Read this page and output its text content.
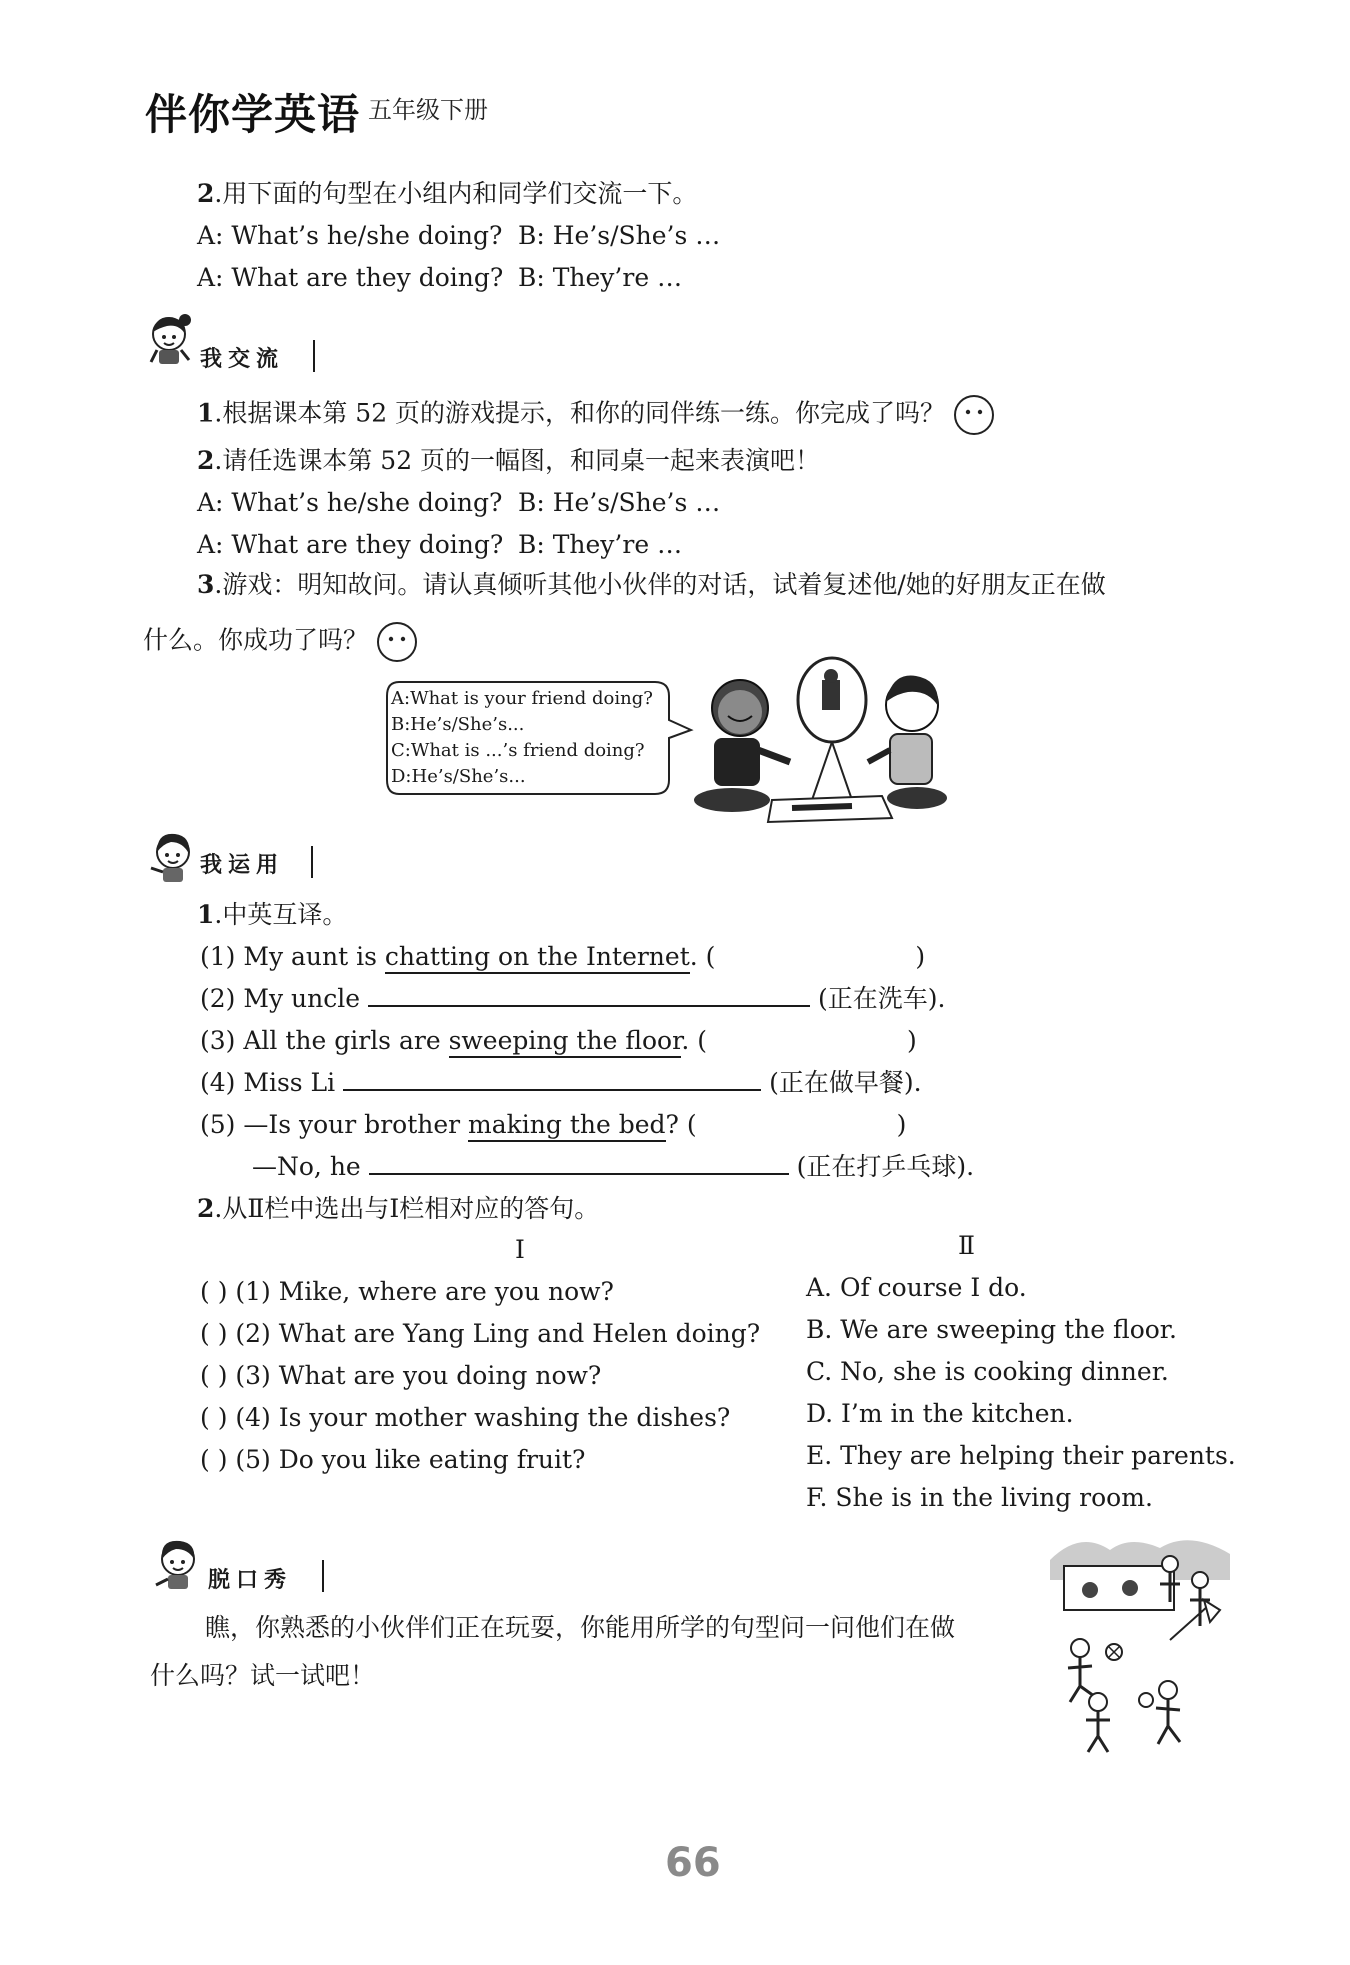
伴你学英语 五年级下册
2.用下面的句型在小组内和同学们交流一下。
A: What’s he/she doing? B: He’s/She’s …
A: What are they doing? B: They’re …
我交流
1.根据课本第 52 页的游戏提示，和你的同伴练一练。你完成了吗？
2.请任选课本第 52 页的一幅图，和同桌一起来表演吧！
A: What’s he/she doing? B: He’s/She’s …
A: What are they doing? B: They’re …
3.游戏：明知故问。请认真倾听其他小伙伴的对话，试着复述他/她的好朋友正在做
什么。你成功了吗？
A:What is your friend doing?
B:He’s/She’s...
C:What is ...’s friend doing?
D:He’s/She’s...
我运用
1.中英互译。
(1) My aunt is chatting on the Internet. (	)
(2) My uncle	(正在洗车).
(3) All the girls are sweeping the floor. (	)
(4) Miss Li	(正在做早餐).
(5) —Is your brother making the bed? (	)
—No, he	(正在打乒乓球).
2.从Ⅱ栏中选出与Ⅰ栏相对应的答句。
Ⅰ	Ⅱ
( ) (1) Mike, where are you now?
( ) (2) What are Yang Ling and Helen doing?
( ) (3) What are you doing now?
( ) (4) Is your mother washing the dishes?
( ) (5) Do you like eating fruit?
A. Of course I do.
B. We are sweeping the floor.
C. No, she is cooking dinner.
D. I’m in the kitchen.
E. They are helping their parents.
F. She is in the living room.
脱口秀
瞧，你熟悉的小伙伴们正在玩耍，你能用所学的句型问一问他们在做
什么吗？试一试吧！
66
